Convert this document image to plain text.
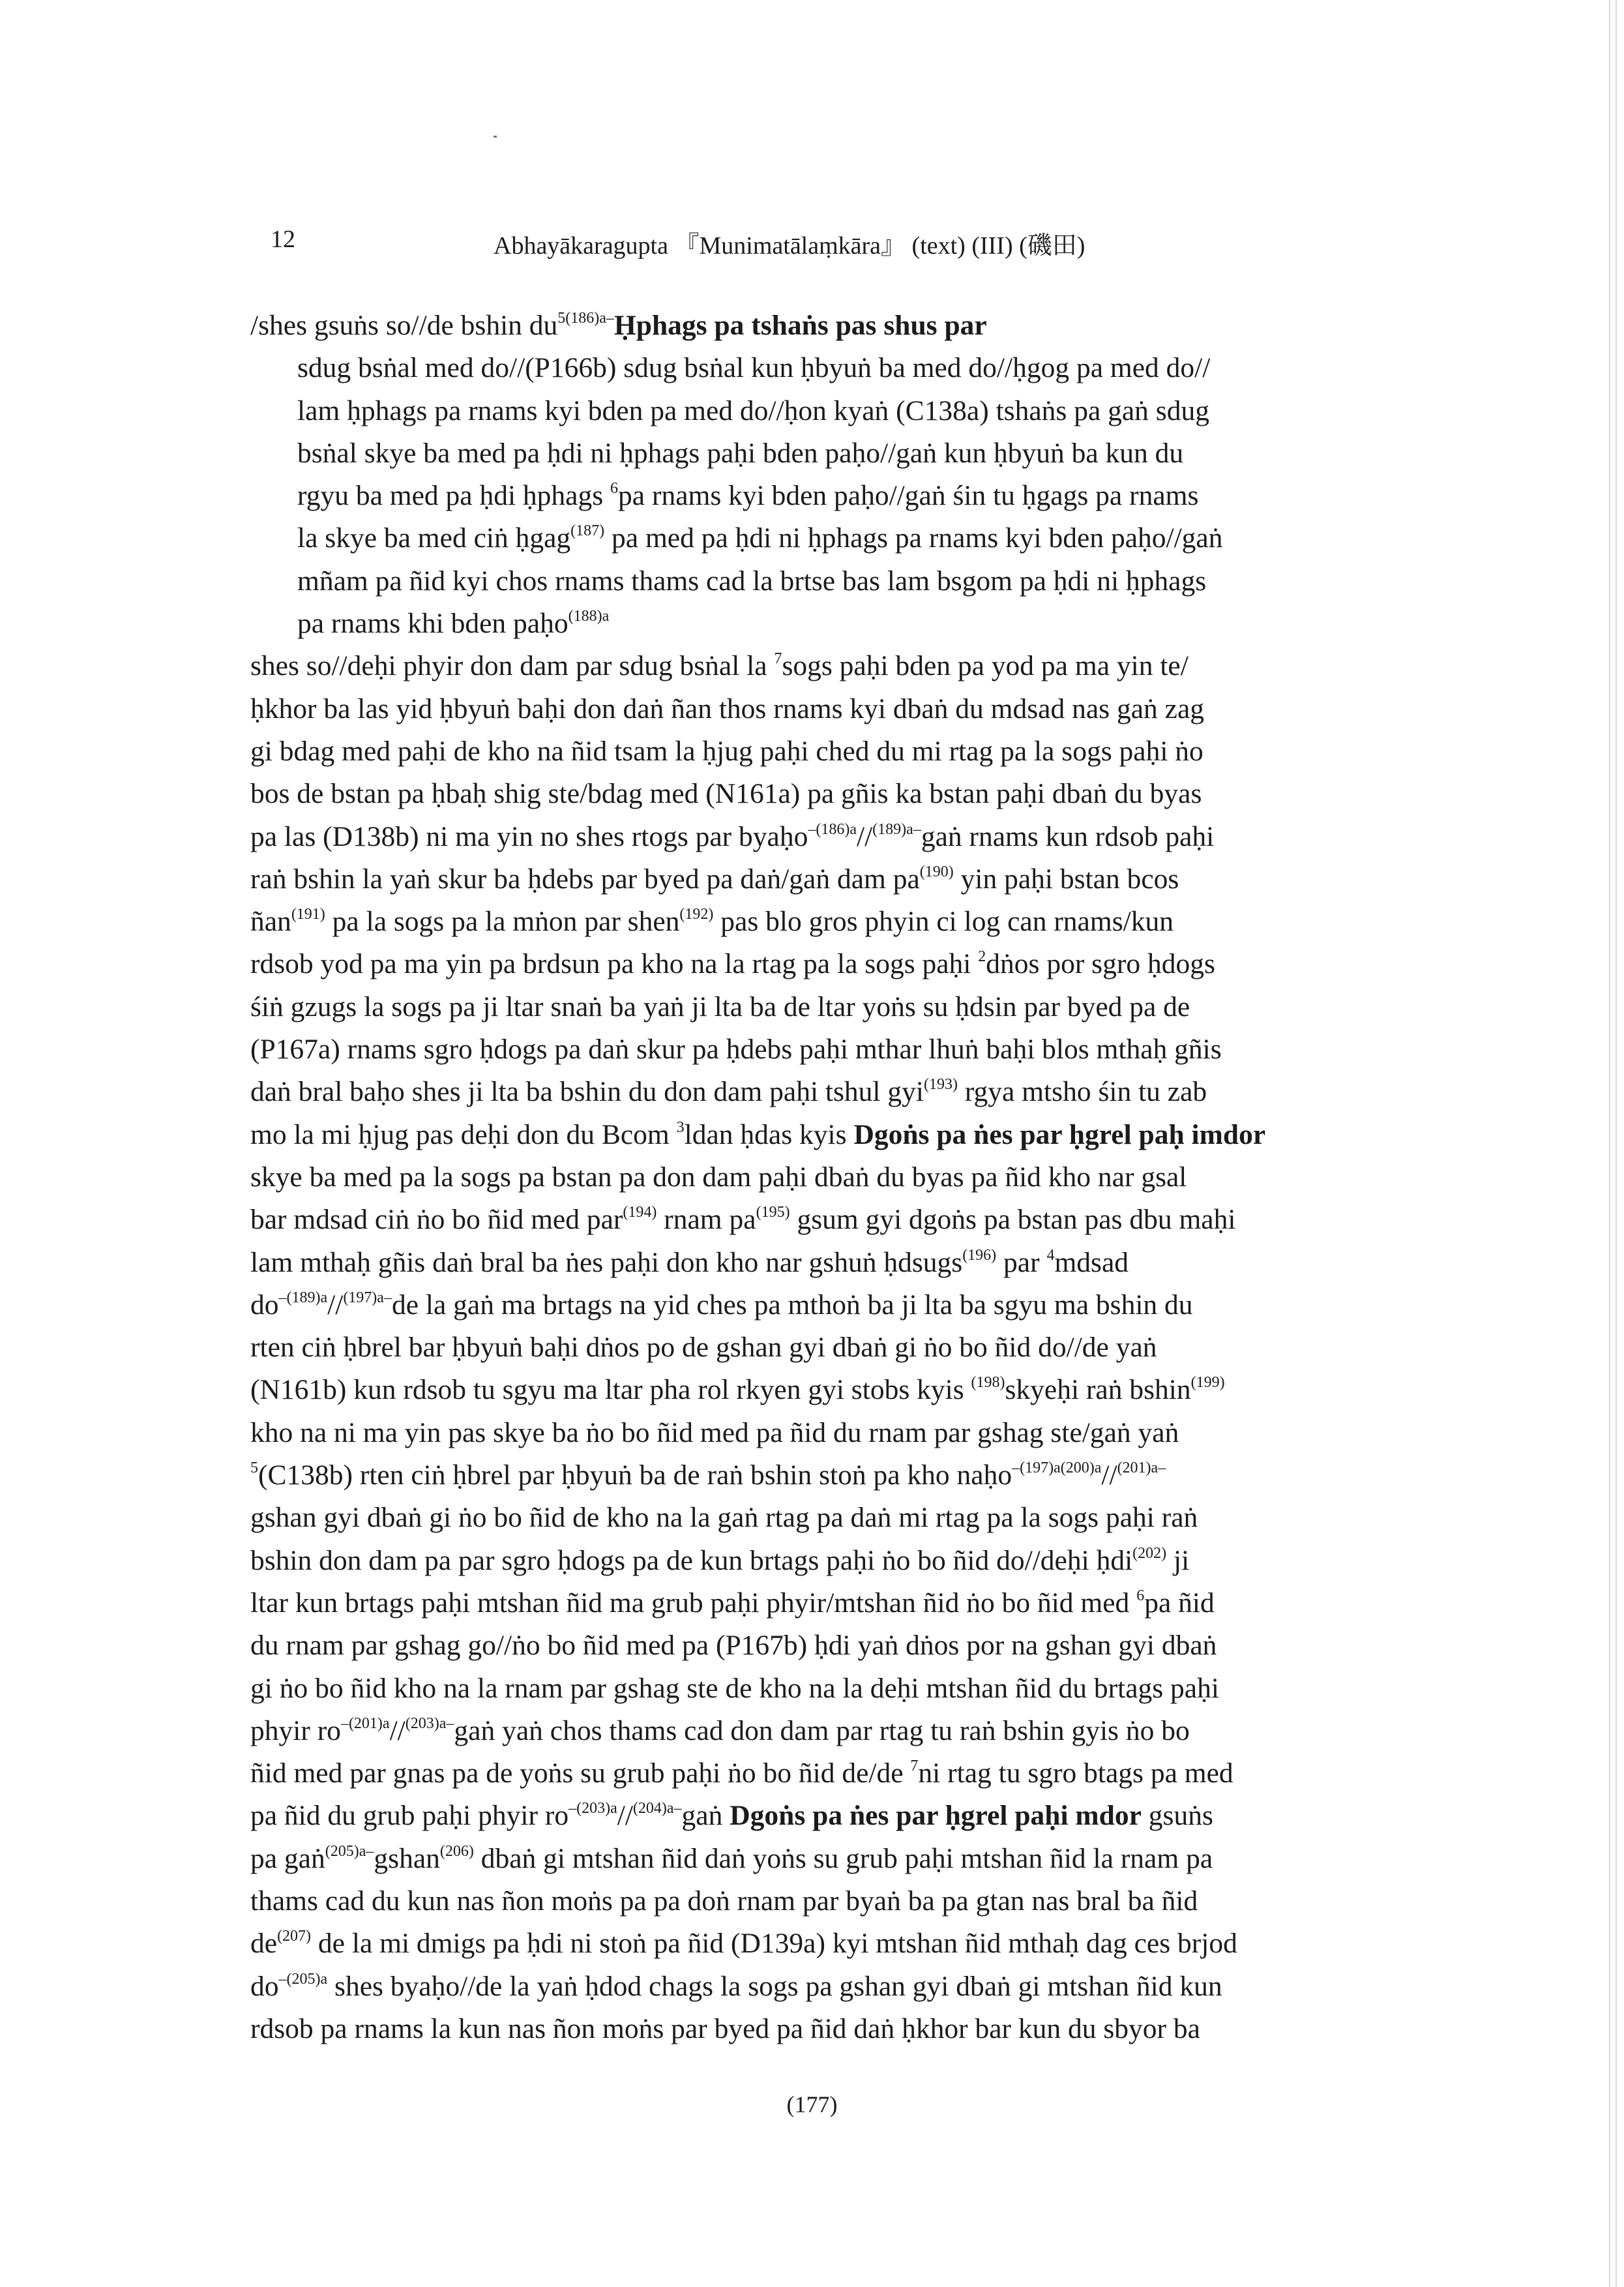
12	Abhayākaragupta 『Munimatālaṃkāra』 (text) (III) (磯田)
/shes gsuṅs so//de bshin $du^{5(186)a-}Ḥphags$ pa tshaṅs pas shus par
sdug bsṅal med do//(P166b) sdug bsṅal kun ḥbyuṅ ba med do//ḥgog pa med do//
lam ḥphags pa rnams kyi bden pa med do//ḥon kyaṅ (C138a) tshaṅs pa gaṅ sdug
bsṅal skye ba med pa ḥdi ni ḥphags paḥi bden paḥo//gaṅ kun ḥbyuṅ ba kun du
rgyu ba med pa ḥdi ḥphags $^6$pa rnams kyi bden paḥo//gaṅ śin tu ḥgags pa rnams
la skye ba med ciṅ ḥgag$^{(187)}$ pa med pa ḥdi ni ḥphags pa rnams kyi bden paḥo//gaṅ
mñam pa ñid kyi chos rnams thams cad la brtse bas lam bsgom pa ḥdi ni ḥphags
pa rnams khi bden paḥo$^{(188)a}$
shes so//deḥi phyir don dam par sdug bsṅal la $^7$sogs paḥi bden pa yod pa ma yin te/
ḥkhor ba las yid ḥbyuṅ baḥi don daṅ ñan thos rnams kyi dbaṅ du mdsad nas gaṅ zag
gi bdag med paḥi de kho na ñid tsam la ḥjug paḥi ched du mi rtag pa la sogs paḥi ṅo
bos de bstan pa ḥbaḥ shig ste/bdag med (N161a) pa gñis ka bstan paḥi dbaṅ du byas
pa las (D138b) ni ma yin no shes rtogs par byaḥo$^{-(186)a}$//$^{(189)a-}$gaṅ rnams kun rdsob paḥi
raṅ bshin la yaṅ skur ba ḥdebs par byed pa daṅ/gaṅ dam $pa^{(190)}$ yin paḥi bstan bcos
ñan$^{(191)}$ pa la sogs pa la mṅon par shen$^{(192)}$ pas blo gros phyin ci log can rnams/kun
rdsob yod pa ma yin pa brdsun pa kho na la rtag pa la sogs paḥi $^2$dṅos por sgro ḥdogs
śiṅ gzugs la sogs pa ji ltar snaṅ ba yaṅ ji lta ba de ltar yoṅs su ḥdsin par byed pa de
(P167a) rnams sgro ḥdogs pa daṅ skur pa ḥdebs paḥi mthar lhuṅ baḥi blos mthaḥ gñis
daṅ bral baḥo shes ji lta ba bshin du don dam paḥi tshul gyi$^{(193)}$ rgya mtsho śin tu zab
mo la mi ḥjug pas deḥi don du Bcom $^3$ldan ḥdas kyis Dgoṅs pa ṅes par ḥgrel paḥ imdor
skye ba med pa la sogs pa bstan pa don dam paḥi dbaṅ du byas pa ñid kho nar gsal
bar mdsad ciṅ ṅo bo ñid med par$^{(194)}$ rnam $pa^{(195)}$ gsum gyi dgoṅs pa bstan pas dbu maḥi
lam mthaḥ gñis daṅ bral ba ṅes paḥi don kho nar gshuṅ ḥdsugs$^{(196)}$ par $^4$mdsad
$do^{-(189)a}//^{(197)a-}de$ la gaṅ ma brtags na yid ches pa mthoṅ ba ji lta ba sgyu ma bshin du
rten ciṅ ḥbrel bar ḥbyuṅ baḥi dṅos po de gshan gyi dbaṅ gi ṅo bo ñid do//de yaṅ
(N161b) kun rdsob tu sgyu ma ltar pha rol rkyen gyi stobs kyis $^{(198)}$skyeḥi raṅ bshin$^{(199)}$
kho na ni ma yin pas skye ba ṅo bo ñid med pa ñid du rnam par gshag ste/gaṅ yaṅ
$^5$(C138b) rten ciṅ ḥbrel par ḥbyuṅ ba de raṅ bshin stoṅ pa kho naḥo$^{-(197)a(200)a}$//$^{(201)a-}$
gshan gyi dbaṅ gi ṅo bo ñid de kho na la gaṅ rtag pa daṅ mi rtag pa la sogs paḥi raṅ
bshin don dam pa par sgro ḥdogs pa de kun brtags paḥi ṅo bo ñid do//deḥi ḥdi$^{(202)}$ ji
ltar kun brtags paḥi mtshan ñid ma grub paḥi phyir/mtshan ñid ṅo bo ñid med $^6$pa ñid
du rnam par gshag go//ṅo bo ñid med pa (P167b) ḥdi yaṅ dṅos por na gshan gyi dbaṅ
gi ṅo bo ñid kho na la rnam par gshag ste de kho na la deḥi mtshan ñid du brtags paḥi
phyir $ro^{-(201)a}//^{(203)a-}gaṅ$ yaṅ chos thams cad don dam par rtag tu raṅ bshin gyis ṅo bo
ñid med par gnas pa de yoṅs su grub paḥi ṅo bo ñid de/de $^7$ni rtag tu sgro btags pa med
pa ñid du grub paḥi phyir $ro^{-(203)a}//^{(204)a-}gaṅ$ Dgoṅs pa ṅes par ḥgrel paḥi mdor gsuṅs
pa gaṅ$^{(205)a-}$gshan$^{(206)}$ dbaṅ gi mtshan ñid daṅ yoṅs su grub paḥi mtshan ñid la rnam pa
thams cad du kun nas ñon moṅs pa pa doṅ rnam par byaṅ ba pa gtan nas bral ba ñid
$de^{(207)}$ de la mi dmigs pa ḥdi ni stoṅ pa ñid (D139a) kyi mtshan ñid mthaḥ dag ces brjod
$do^{-(205)a}$ shes byaḥo//de la yaṅ ḥdod chags la sogs pa gshan gyi dbaṅ gi mtshan ñid kun
rdsob pa rnams la kun nas ñon moṅs par byed pa ñid daṅ ḥkhor bar kun du sbyor ba
(177)
